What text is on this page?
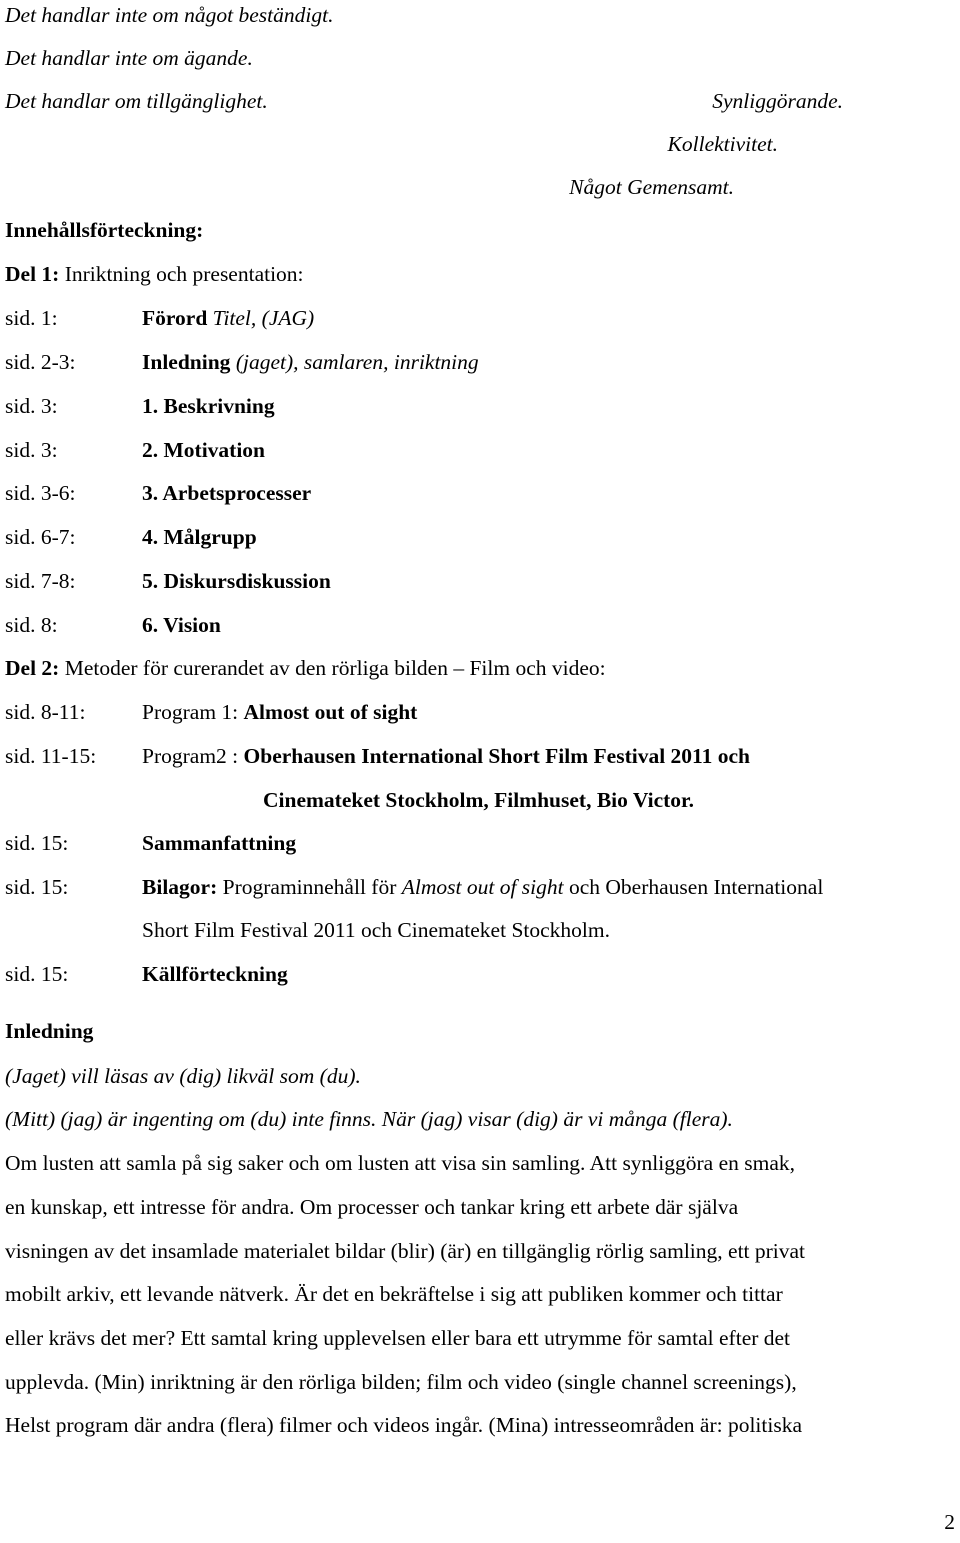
Det handlar inte om något beständigt.
Det handlar inte om ägande.
Det handlar om tillgänglighet.	Synliggörande.
Kollektivitet.
Något Gemensamt.
Innehållsförteckning:
Del 1: Inriktning och presentation:
sid. 1:	Förord Titel, (JAG)
sid. 2-3:	Inledning (jaget), samlaren, inriktning
sid. 3:	1. Beskrivning
sid. 3:	2. Motivation
sid. 3-6:	3. Arbetsprocesser
sid. 6-7:	4. Målgrupp
sid. 7-8:	5. Diskursdiskussion
sid. 8:	6. Vision
Del 2: Metoder för curerandet av den rörliga bilden – Film och video:
sid. 8-11:	Program 1: Almost out of sight
sid. 11-15: Program2 : Oberhausen International Short Film Festival 2011 och
Cinemateket Stockholm, Filmhuset, Bio Victor.
sid. 15:	Sammanfattning
sid. 15:	Bilagor: Programinnehåll för Almost out of sight och Oberhausen International
Short Film Festival 2011 och Cinemateket Stockholm.
sid. 15:	Källförteckning
Inledning
(Jaget) vill läsas av (dig) likväl som (du).
(Mitt) (jag) är ingenting om (du) inte finns. När (jag) visar (dig) är vi många (flera).
Om lusten att samla på sig saker och om lusten att visa sin samling. Att synliggöra en smak,
en kunskap, ett intresse för andra. Om processer och tankar kring ett arbete där själva
visningen av det insamlade materialet bildar (blir) (är) en tillgänglig rörlig samling, ett privat
mobilt arkiv, ett levande nätverk. Är det en bekräftelse i sig att publiken kommer och tittar
eller krävs det mer? Ett samtal kring upplevelsen eller bara ett utrymme för samtal efter det
upplevda. (Min) inriktning är den rörliga bilden; film och video (single channel screenings),
Helst program där andra (flera) filmer och videos ingår. (Mina) intresseområden är: politiska
2
